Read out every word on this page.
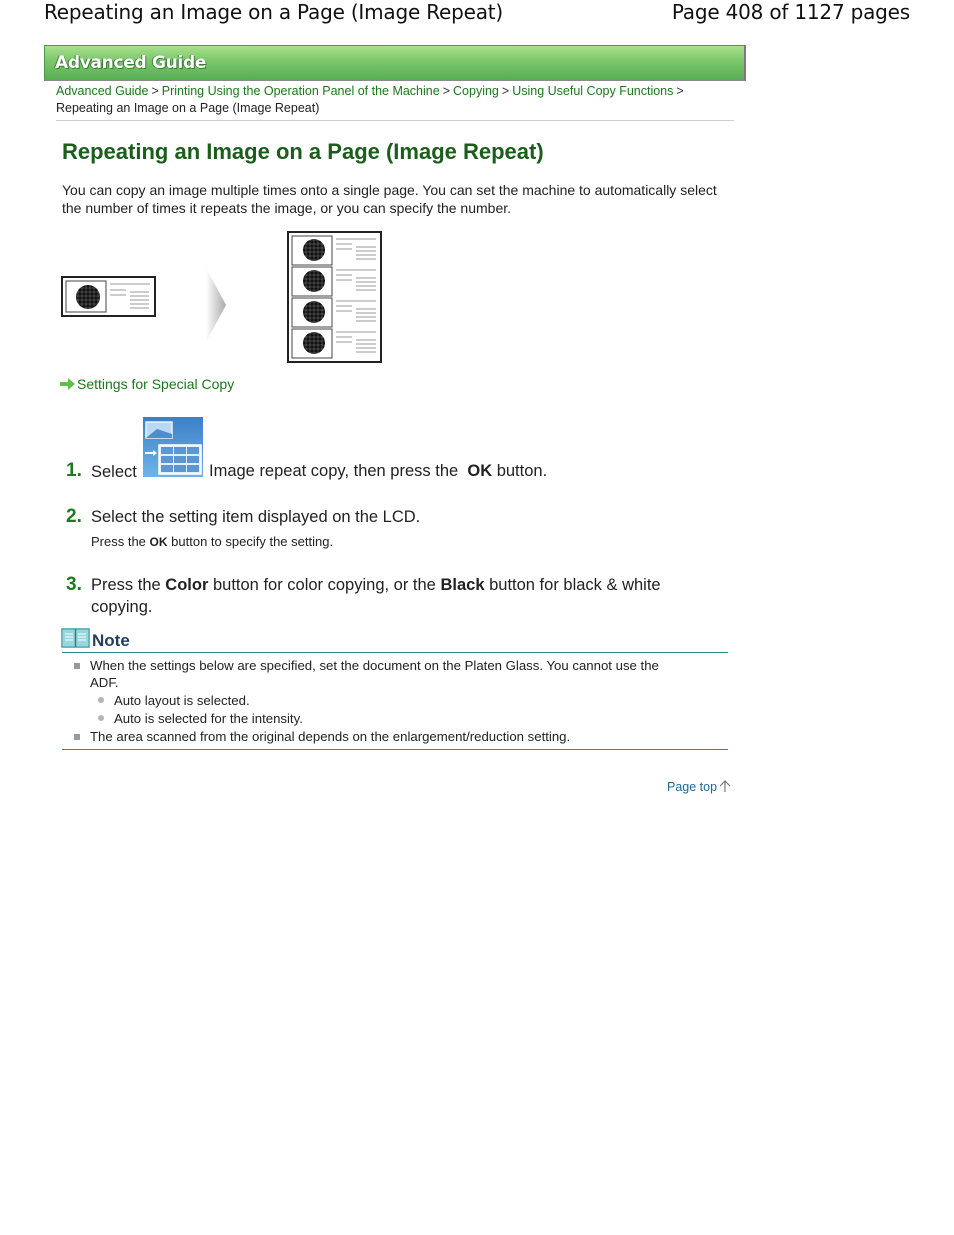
Repeating an Image on a Page (Image Repeat)	Page 408 of 1127 pages
Advanced Guide
Advanced Guide > Printing Using the Operation Panel of the Machine > Copying > Using Useful Copy Functions >
Repeating an Image on a Page (Image Repeat)
Repeating an Image on a Page (Image Repeat)
You can copy an image multiple times onto a single page. You can set the machine to automatically select the number of times it repeats the image, or you can specify the number.
Settings for Special Copy
1. Select	Image repeat copy, then press the OK button.
2. Select the setting item displayed on the LCD.
Press the OK button to specify the setting.
3. Press the Color button for color copying, or the Black button for black & white
copying.
Note
When the settings below are specified, set the document on the Platen Glass. You cannot use the
ADF.
Auto layout is selected.
Auto is selected for the intensity.
The area scanned from the original depends on the enlargement/reduction setting.
Page top
